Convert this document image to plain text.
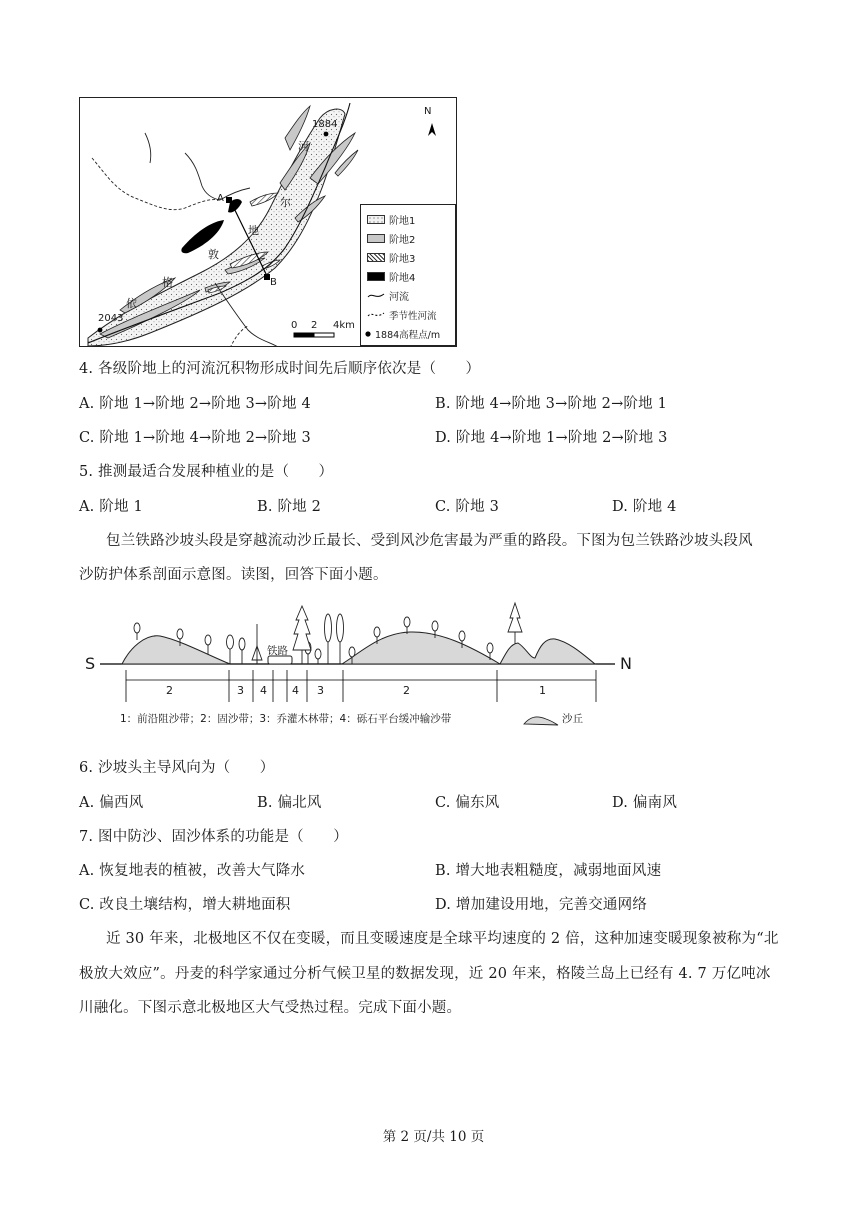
N
1884
2043
A
B
河
尔
地
敦
格
依
0 2 4km
阶地1
阶地2
阶地3
阶地4
河流
季节性河流
1884高程点/m
4. 各级阶地上的河流沉积物形成时间先后顺序依次是（　　）
A. 阶地 1→阶地 2→阶地 3→阶地 4	B. 阶地 4→阶地 3→阶地 2→阶地 1
C. 阶地 1→阶地 4→阶地 2→阶地 3	D. 阶地 4→阶地 1→阶地 2→阶地 3
5. 推测最适合发展种植业的是（　　）
A. 阶地 1	B. 阶地 2	C. 阶地 3	D. 阶地 4
包兰铁路沙坡头段是穿越流动沙丘最长、受到风沙危害最为严重的路段。下图为包兰铁路沙坡头段风
沙防护体系剖面示意图。读图，回答下面小题。
S	N
铁路
2	3 4 4 3	2	1
1：前沿阻沙带；2：固沙带；3：乔灌木林带；4：砾石平台缓冲输沙带	沙丘
6. 沙坡头主导风向为（　　）
A. 偏西风	B. 偏北风	C. 偏东风	D. 偏南风
7. 图中防沙、固沙体系的功能是（　　）
A. 恢复地表的植被，改善大气降水	B. 增大地表粗糙度，减弱地面风速
C. 改良土壤结构，增大耕地面积	D. 增加建设用地，完善交通网络
近 30 年来，北极地区不仅在变暖，而且变暖速度是全球平均速度的 2 倍，这种加速变暖现象被称为“北
极放大效应”。丹麦的科学家通过分析气候卫星的数据发现，近 20 年来，格陵兰岛上已经有 4. 7 万亿吨冰
川融化。下图示意北极地区大气受热过程。完成下面小题。
第 2 页/共 10 页
